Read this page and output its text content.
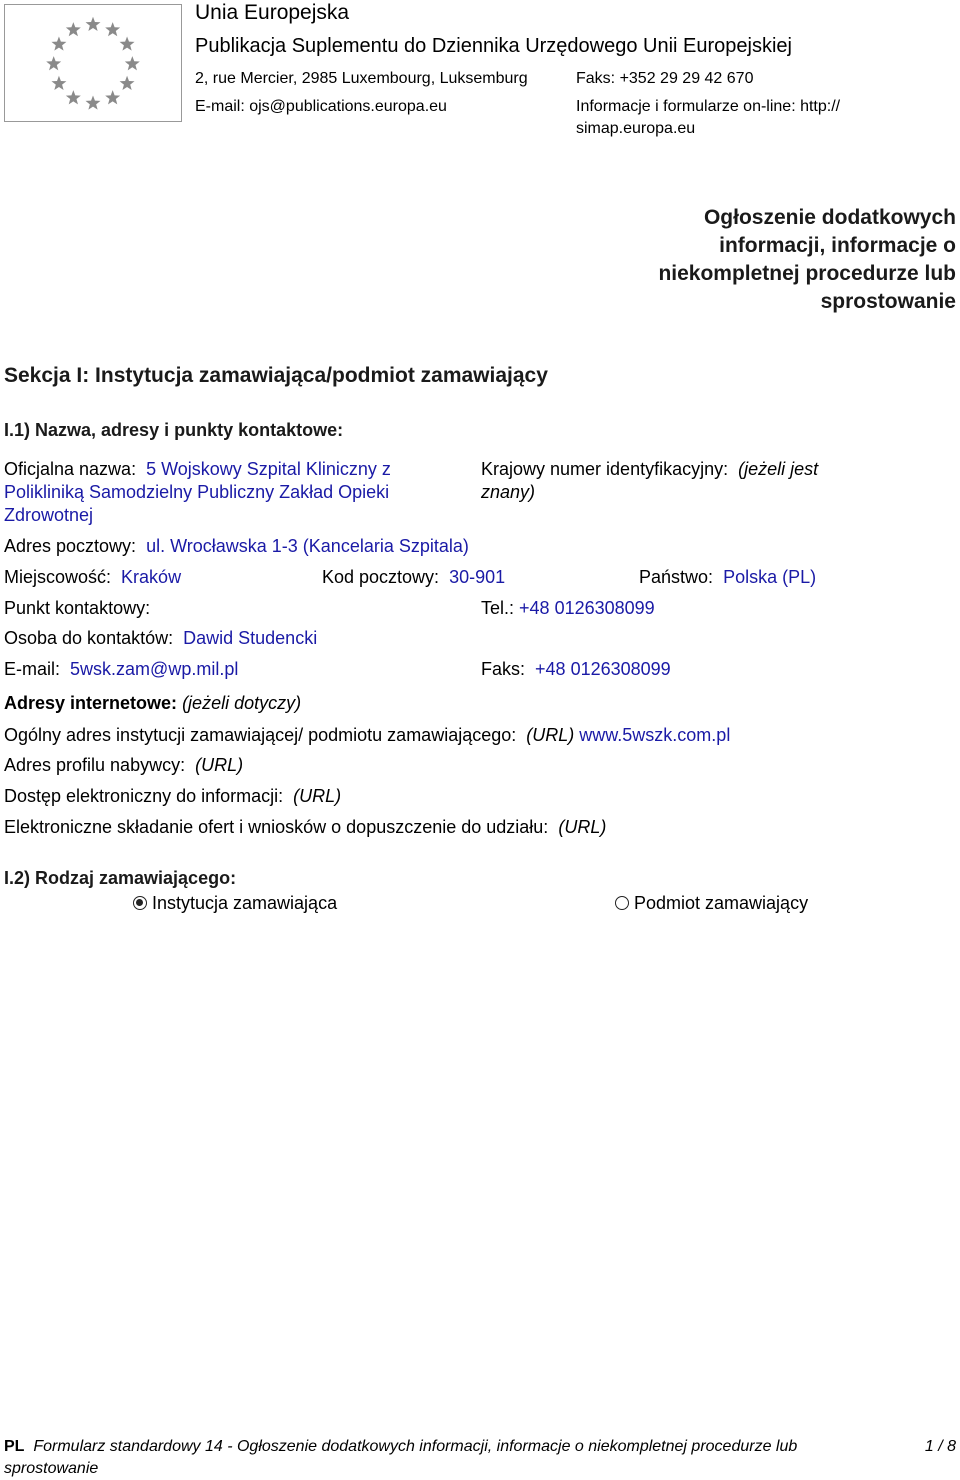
Unia Europejska
Publikacja Suplementu do Dziennika Urzędowego Unii Europejskiej
2, rue Mercier, 2985 Luxembourg, Luksemburg	Faks: +352 29 29 42 670
E-mail: ojs@publications.europa.eu	Informacje i formularze on-line: http://
simap.europa.eu
Ogłoszenie dodatkowych informacji, informacje o niekompletnej procedurze lub sprostowanie
Sekcja I: Instytucja zamawiająca/podmiot zamawiający
I.1) Nazwa, adresy i punkty kontaktowe:
Oficjalna nazwa: 5 Wojskowy Szpital Kliniczny z Polikliniką Samodzielny Publiczny Zakład Opieki Zdrowotnej
Krajowy numer identyfikacyjny: (jeżeli jest znany)
Adres pocztowy: ul. Wrocławska 1-3 (Kancelaria Szpitala)
Miejscowość: Kraków	Kod pocztowy: 30-901	Państwo: Polska (PL)
Punkt kontaktowy:	Tel.: +48 0126308099
Osoba do kontaktów: Dawid Studencki
E-mail: 5wsk.zam@wp.mil.pl	Faks: +48 0126308099
Adresy internetowe: (jeżeli dotyczy)
Ogólny adres instytucji zamawiającej/ podmiotu zamawiającego: (URL) www.5wszk.com.pl
Adres profilu nabywcy: (URL)
Dostęp elektroniczny do informacji: (URL)
Elektroniczne składanie ofert i wniosków o dopuszczenie do udziału: (URL)
I.2) Rodzaj zamawiającego:
Instytucja zamawiająca	Podmiot zamawiający
PL Formularz standardowy 14 - Ogłoszenie dodatkowych informacji, informacje o niekompletnej procedurze lub
sprostowanie
1 / 8
